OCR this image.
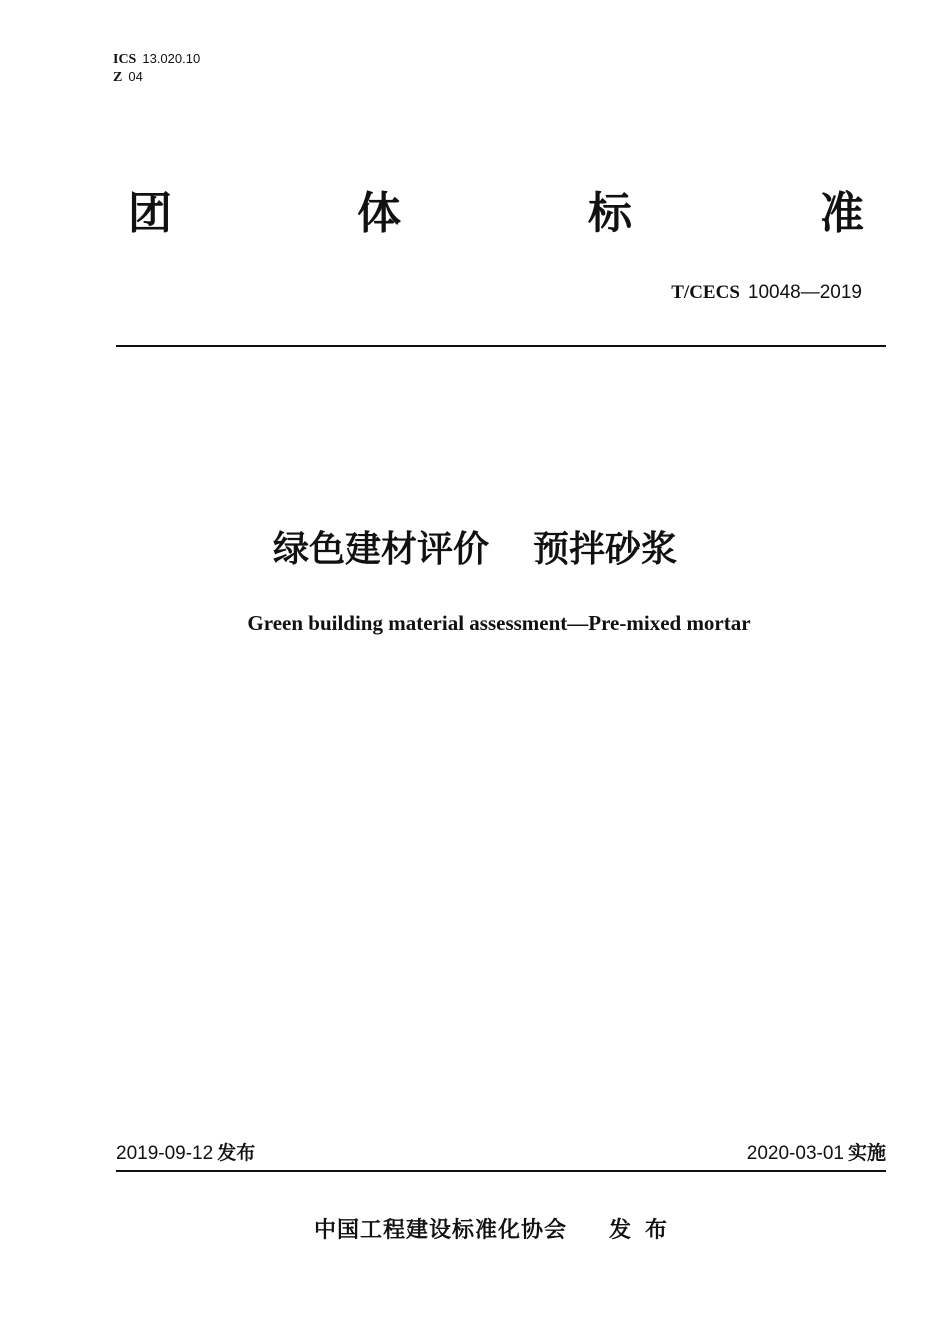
ICS 13.020.10
Z 04
团	体	标	准
T/CECS 10048—2019
绿色建材评价 预拌砂浆
Green building material assessment—Pre-mixed mortar
2019-09-12 发布	2020-03-01 实施
中国工程建设标准化协会 发布
